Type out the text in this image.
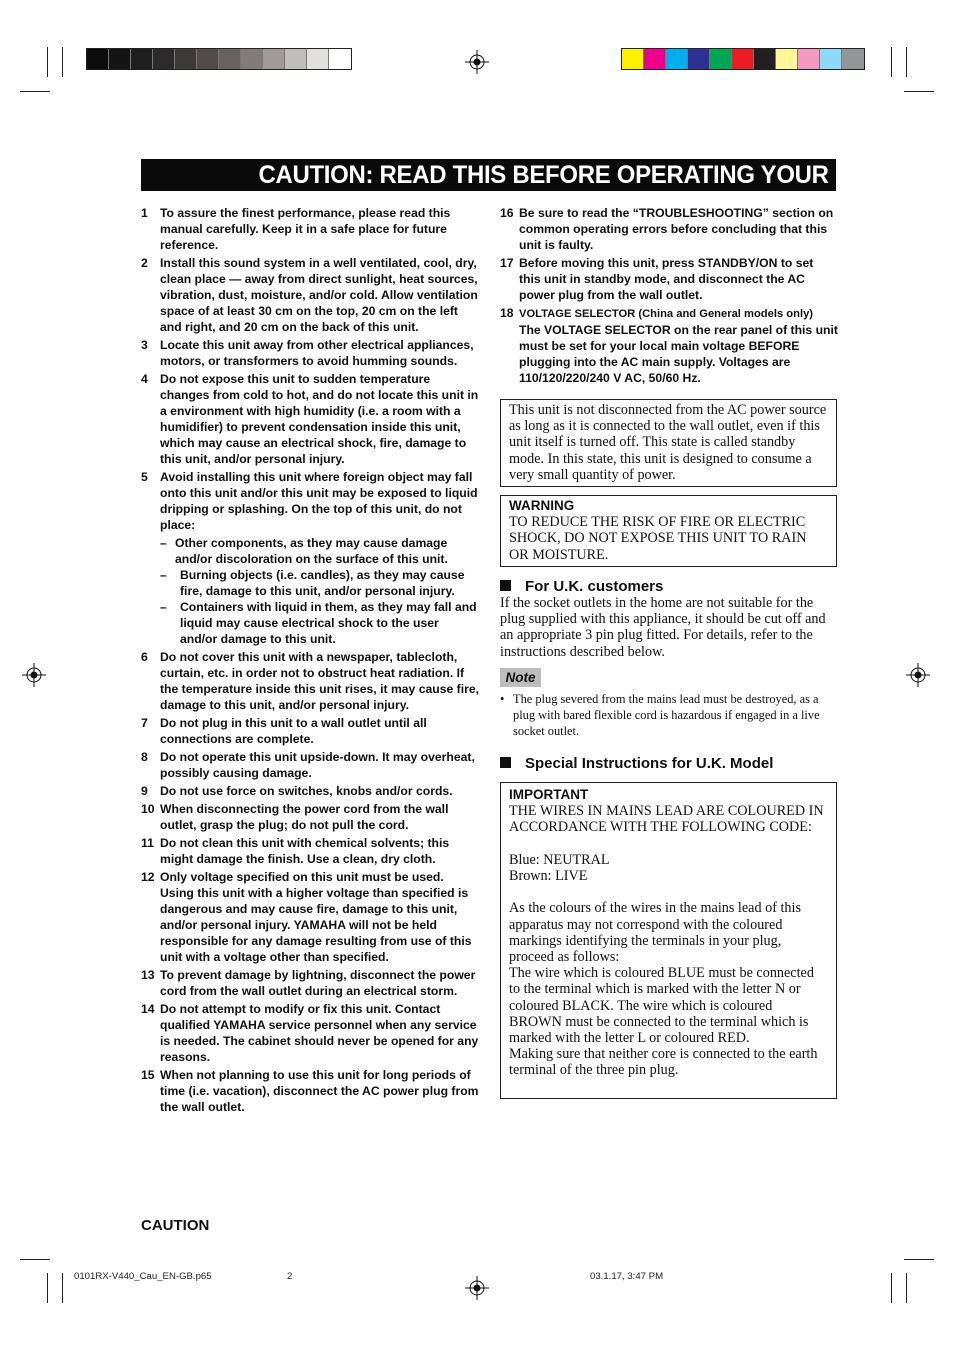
CAUTION: READ THIS BEFORE OPERATING YOUR UNIT.
1	To assure the finest performance, please read this manual carefully. Keep it in a safe place for future reference.
2	Install this sound system in a well ventilated, cool, dry, clean place — away from direct sunlight, heat sources, vibration, dust, moisture, and/or cold. Allow ventilation space of at least 30 cm on the top, 20 cm on the left and right, and 20 cm on the back of this unit.
3	Locate this unit away from other electrical appliances, motors, or transformers to avoid humming sounds.
4	Do not expose this unit to sudden temperature changes from cold to hot, and do not locate this unit in a environment with high humidity (i.e. a room with a humidifier) to prevent condensation inside this unit, which may cause an electrical shock, fire, damage to this unit, and/or personal injury.
5	Avoid installing this unit where foreign object may fall onto this unit and/or this unit may be exposed to liquid dripping or splashing. On the top of this unit, do not place:
– Other components, as they may cause damage and/or discoloration on the surface of this unit.
–	Burning objects (i.e. candles), as they may cause fire, damage to this unit, and/or personal injury.
–	Containers with liquid in them, as they may fall and liquid may cause electrical shock to the user and/or damage to this unit.
6	Do not cover this unit with a newspaper, tablecloth, curtain, etc. in order not to obstruct heat radiation. If the temperature inside this unit rises, it may cause fire, damage to this unit, and/or personal injury.
7	Do not plug in this unit to a wall outlet until all connections are complete.
8	Do not operate this unit upside-down. It may overheat, possibly causing damage.
9	Do not use force on switches, knobs and/or cords.
10 When disconnecting the power cord from the wall outlet, grasp the plug; do not pull the cord.
11 Do not clean this unit with chemical solvents; this might damage the finish. Use a clean, dry cloth.
12 Only voltage specified on this unit must be used. Using this unit with a higher voltage than specified is dangerous and may cause fire, damage to this unit, and/or personal injury. YAMAHA will not be held responsible for any damage resulting from use of this unit with a voltage other than specified.
13 To prevent damage by lightning, disconnect the power cord from the wall outlet during an electrical storm.
14 Do not attempt to modify or fix this unit. Contact qualified YAMAHA service personnel when any service is needed. The cabinet should never be opened for any reasons.
15 When not planning to use this unit for long periods of time (i.e. vacation), disconnect the AC power plug from the wall outlet.
16 Be sure to read the “TROUBLESHOOTING” section on common operating errors before concluding that this unit is faulty.
17 Before moving this unit, press STANDBY/ON to set this unit in standby mode, and disconnect the AC power plug from the wall outlet.
18 VOLTAGE SELECTOR (China and General models only)
The VOLTAGE SELECTOR on the rear panel of this unit must be set for your local main voltage BEFORE plugging into the AC main supply. Voltages are 110/120/220/240 V AC, 50/60 Hz.
This unit is not disconnected from the AC power source as long as it is connected to the wall outlet, even if this unit itself is turned off. This state is called standby mode. In this state, this unit is designed to consume a very small quantity of power.
WARNING
TO REDUCE THE RISK OF FIRE OR ELECTRIC SHOCK, DO NOT EXPOSE THIS UNIT TO RAIN OR MOISTURE.
For U.K. customers
If the socket outlets in the home are not suitable for the plug supplied with this appliance, it should be cut off and an appropriate 3 pin plug fitted. For details, refer to the instructions described below.
Note
• The plug severed from the mains lead must be destroyed, as a plug with bared flexible cord is hazardous if engaged in a live socket outlet.
Special Instructions for U.K. Model
IMPORTANT
THE WIRES IN MAINS LEAD ARE COLOURED IN ACCORDANCE WITH THE FOLLOWING CODE:
Blue: NEUTRAL
Brown: LIVE
As the colours of the wires in the mains lead of this apparatus may not correspond with the coloured markings identifying the terminals in your plug, proceed as follows:
The wire which is coloured BLUE must be connected to the terminal which is marked with the letter N or coloured BLACK. The wire which is coloured BROWN must be connected to the terminal which is marked with the letter L or coloured RED.
Making sure that neither core is connected to the earth terminal of the three pin plug.
CAUTION
0101RX-V440_Cau_EN-GB.p65	2	03.1.17, 3:47 PM
